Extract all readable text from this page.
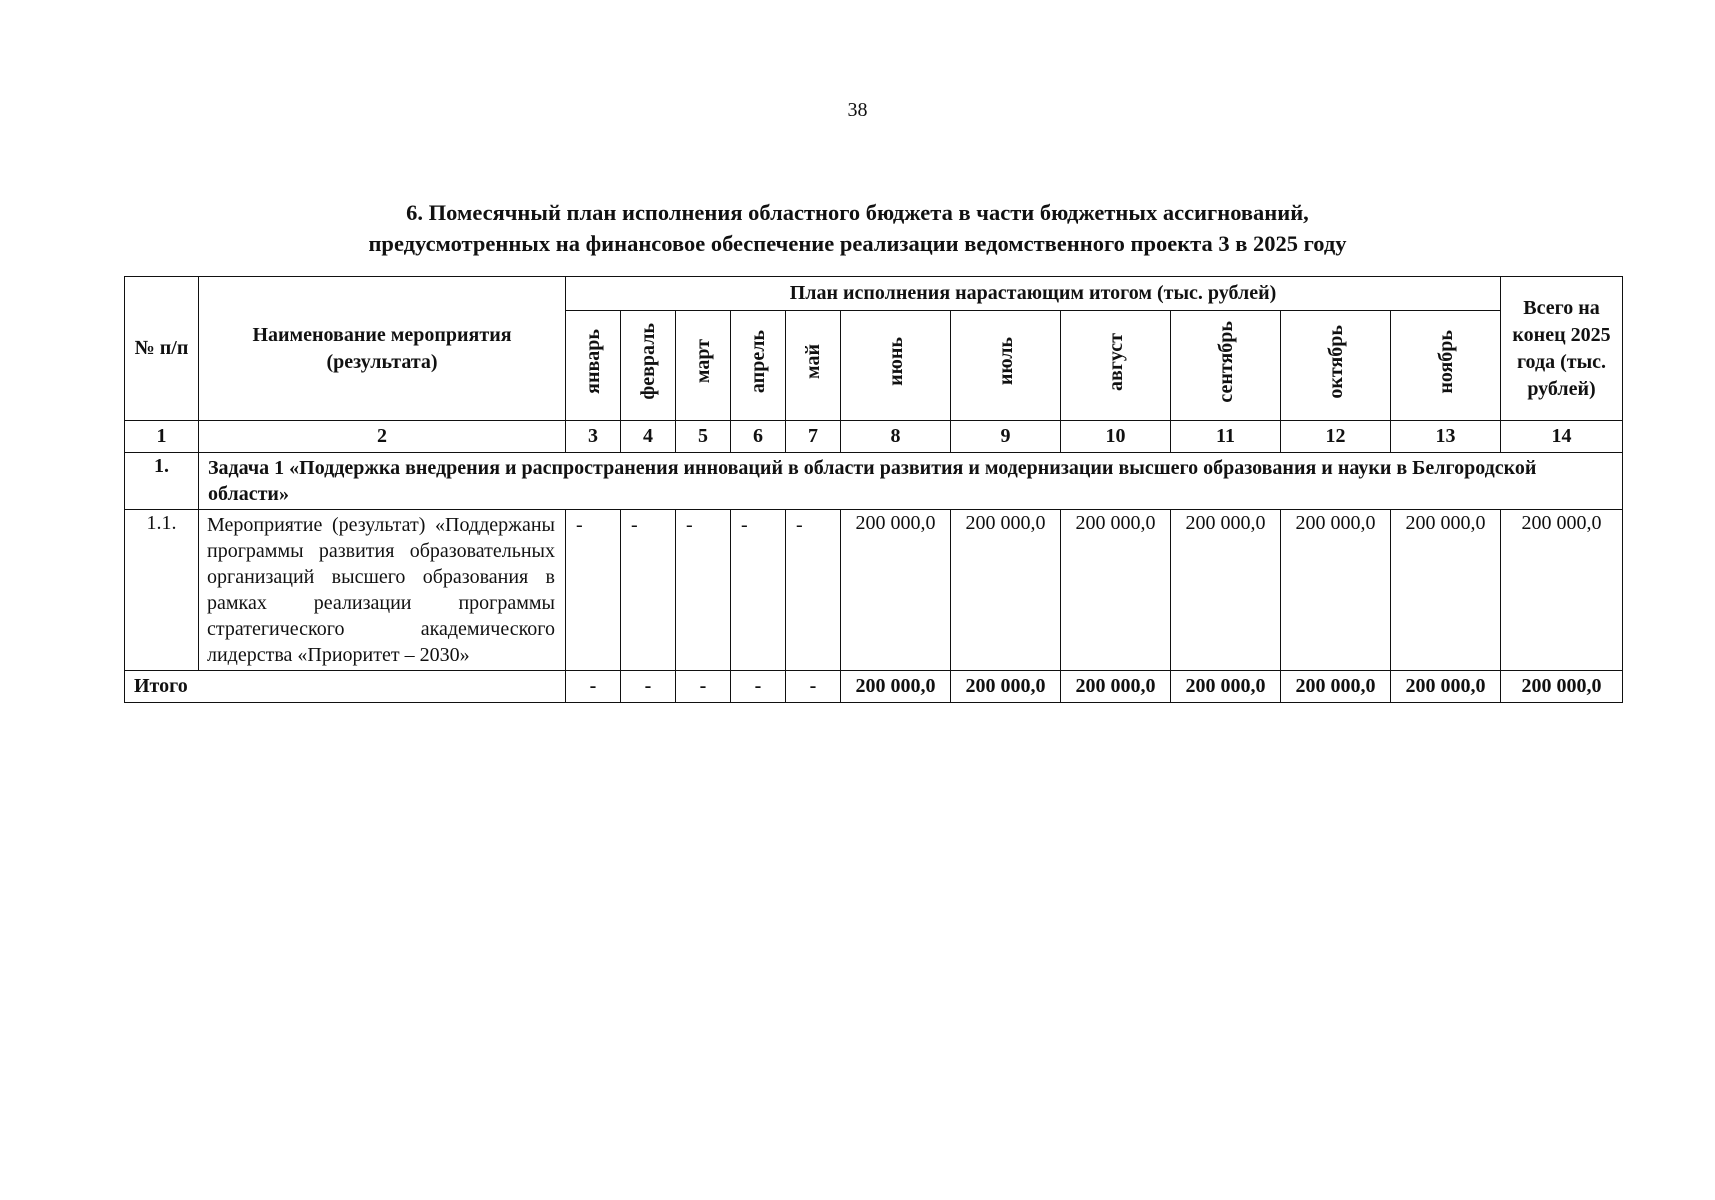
38
6. Помесячный план исполнения областного бюджета в части бюджетных ассигнований,
предусмотренных на финансовое обеспечение реализации ведомственного проекта 3 в 2025 году
№ п/п	Наименование мероприятия (результата)	План исполнения нарастающим итогом (тыс. рублей)											Всего на конец 2025 года (тыс. рублей)
		январь	февраль	март	апрель	май	июнь	июль	август	сентябрь	октябрь	ноябрь	
1	2	3	4	5	6	7	8	9	10	11	12	13	14
1.	Задача 1 «Поддержка внедрения и распространения инноваций в области развития и модернизации высшего образования и науки в Белгородской области»												
1.1.	Мероприятие (результат) «Поддержаны программы развития образовательных организаций высшего образования в рамках реализации программы стратегического академического лидерства «Приоритет – 2030»	-	-	-	-	-	200 000,0	200 000,0	200 000,0	200 000,0	200 000,0	200 000,0	200 000,0
Итого		-	-	-	-	-	200 000,0	200 000,0	200 000,0	200 000,0	200 000,0	200 000,0	200 000,0
